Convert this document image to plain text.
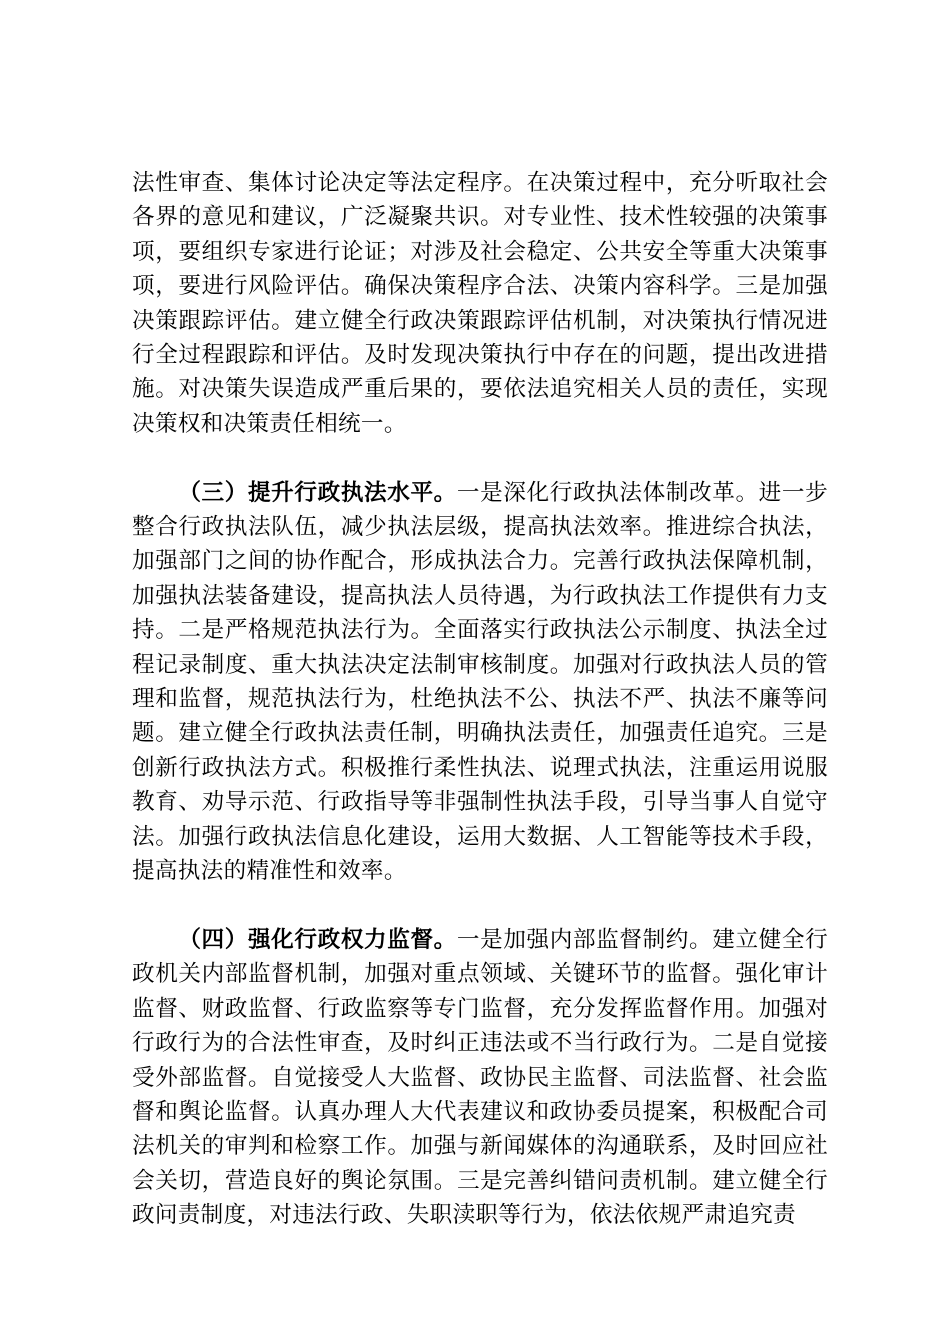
法性审查、集体讨论决定等法定程序。在决策过程中，充分听取社会各界的意见和建议，广泛凝聚共识。对专业性、技术性较强的决策事项，要组织专家进行论证；对涉及社会稳定、公共安全等重大决策事项，要进行风险评估。确保决策程序合法、决策内容科学。三是加强决策跟踪评估。建立健全行政决策跟踪评估机制，对决策执行情况进行全过程跟踪和评估。及时发现决策执行中存在的问题，提出改进措施。对决策失误造成严重后果的，要依法追究相关人员的责任，实现决策权和决策责任相统一。

（三）提升行政执法水平。一是深化行政执法体制改革。进一步整合行政执法队伍，减少执法层级，提高执法效率。推进综合执法，加强部门之间的协作配合，形成执法合力。完善行政执法保障机制，加强执法装备建设，提高执法人员待遇，为行政执法工作提供有力支持。二是严格规范执法行为。全面落实行政执法公示制度、执法全过程记录制度、重大执法决定法制审核制度。加强对行政执法人员的管理和监督，规范执法行为，杜绝执法不公、执法不严、执法不廉等问题。建立健全行政执法责任制，明确执法责任，加强责任追究。三是创新行政执法方式。积极推行柔性执法、说理式执法，注重运用说服教育、劝导示范、行政指导等非强制性执法手段，引导当事人自觉守法。加强行政执法信息化建设，运用大数据、人工智能等技术手段，提高执法的精准性和效率。

（四）强化行政权力监督。一是加强内部监督制约。建立健全行政机关内部监督机制，加强对重点领域、关键环节的监督。强化审计监督、财政监督、行政监察等专门监督，充分发挥监督作用。加强对行政行为的合法性审查，及时纠正违法或不当行政行为。二是自觉接受外部监督。自觉接受人大监督、政协民主监督、司法监督、社会监督和舆论监督。认真办理人大代表建议和政协委员提案，积极配合司法机关的审判和检察工作。加强与新闻媒体的沟通联系，及时回应社会关切，营造良好的舆论氛围。三是完善纠错问责机制。建立健全行政问责制度，对违法行政、失职渎职等行为，依法依规严肃追究责
